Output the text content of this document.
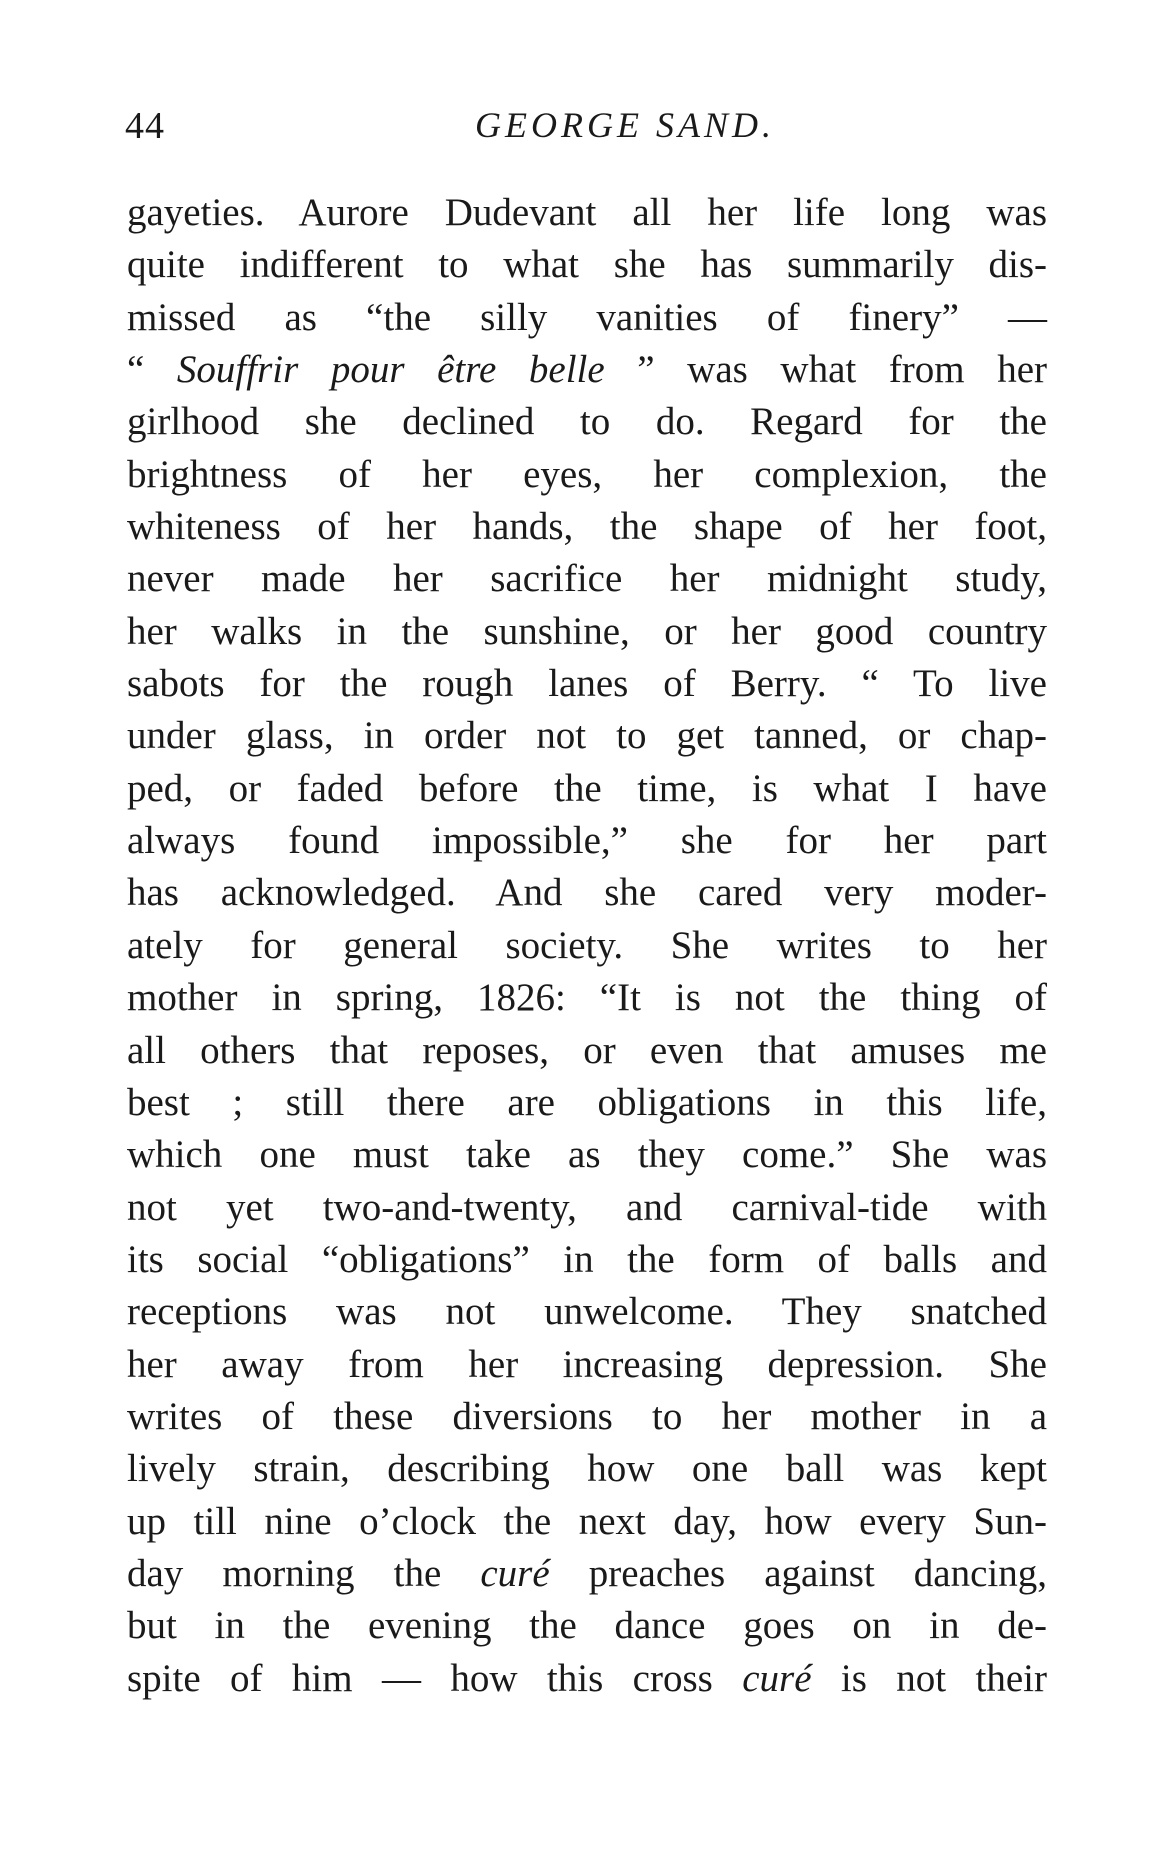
44	GEORGE SAND.
gayeties. Aurore Dudevant all her life long was
quite indifferent to what she has summarily dis-
missed as “the silly vanities of finery” —
“ Souffrir pour être belle ” was what from her
girlhood she declined to do. Regard for the
brightness of her eyes, her complexion, the
whiteness of her hands, the shape of her foot,
never made her sacrifice her midnight study,
her walks in the sunshine, or her good country
sabots for the rough lanes of Berry. “ To live
under glass, in order not to get tanned, or chap-
ped, or faded before the time, is what I have
always found impossible,” she for her part
has acknowledged. And she cared very moder-
ately for general society. She writes to her
mother in spring, 1826: “It is not the thing of
all others that reposes, or even that amuses me
best ; still there are obligations in this life,
which one must take as they come.” She was
not yet two-and-twenty, and carnival-tide with
its social “obligations” in the form of balls and
receptions was not unwelcome. They snatched
her away from her increasing depression. She
writes of these diversions to her mother in a
lively strain, describing how one ball was kept
up till nine o’clock the next day, how every Sun-
day morning the curé preaches against dancing,
but in the evening the dance goes on in de-
spite of him — how this cross curé is not their
